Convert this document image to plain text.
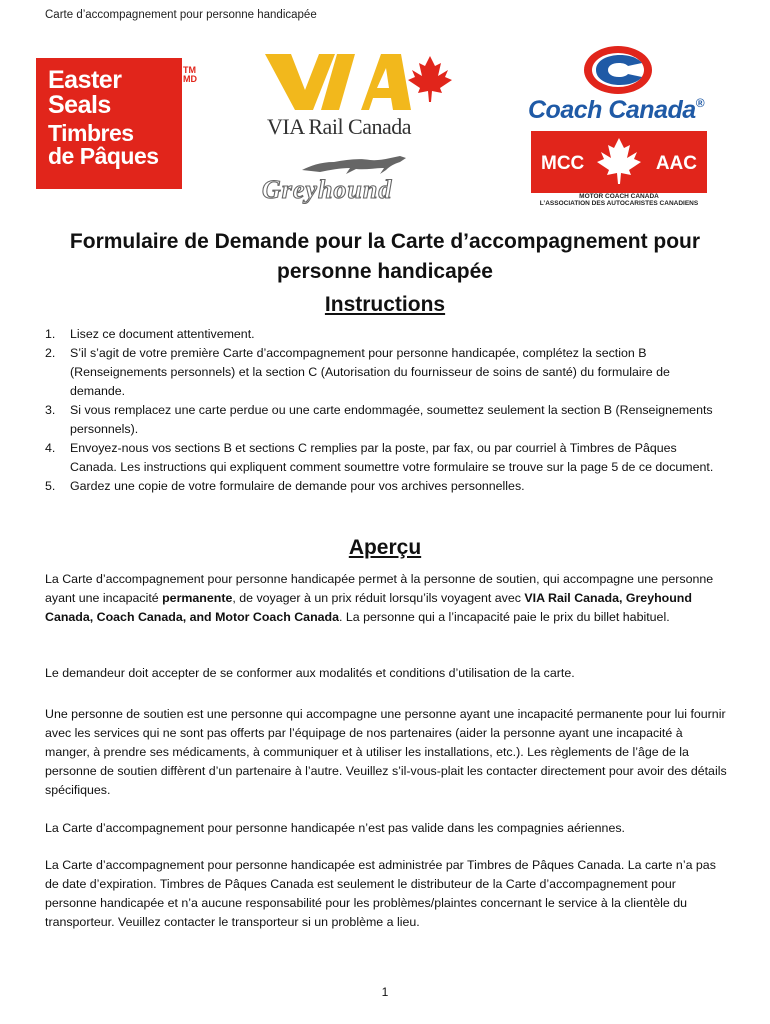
Carte d’accompagnement pour personne handicapée
Easter
Seals
Timbres
de Pâques
TM
MD
VIA Rail Canada
Greyhound
Coach Canada®
MCC	AAC
MOTOR COACH CANADA
L’ASSOCIATION DES AUTOCARISTES CANADIENS
Formulaire de Demande pour la Carte d’accompagnement pour
personne handicapée
Instructions
1. Lisez ce document attentivement.
2. S’il s’agit de votre première Carte d’accompagnement pour personne handicapée, complétez la section B (Renseignements personnels) et la section C (Autorisation du fournisseur de soins de santé) du formulaire de demande.
3. Si vous remplacez une carte perdue ou une carte endommagée, soumettez seulement la section B (Renseignements personnels).
4. Envoyez-nous vos sections B et sections C remplies par la poste, par fax, ou par courriel à Timbres de Pâques Canada. Les instructions qui expliquent comment soumettre votre formulaire se trouve sur la page 5 de ce document.
5. Gardez une copie de votre formulaire de demande pour vos archives personnelles.
Aperçu
La Carte d’accompagnement pour personne handicapée permet à la personne de soutien, qui accompagne une personne ayant une incapacité permanente, de voyager à un prix réduit lorsqu’ils voyagent avec VIA Rail Canada, Greyhound Canada, Coach Canada, and Motor Coach Canada. La personne qui a l’incapacité paie le prix du billet habituel.
Le demandeur doit accepter de se conformer aux modalités et conditions d’utilisation de la carte.
Une personne de soutien est une personne qui accompagne une personne ayant une incapacité permanente pour lui fournir avec les services qui ne sont pas offerts par l’équipage de nos partenaires (aider la personne ayant une incapacité à manger, à prendre ses médicaments, à communiquer et à utiliser les installations, etc.). Les règlements de l’âge de la personne de soutien diffèrent d’un partenaire à l’autre. Veuillez s’il-vous-plait les contacter directement pour avoir des détails spécifiques.
La Carte d’accompagnement pour personne handicapée n’est pas valide dans les compagnies aériennes.
La Carte d’accompagnement pour personne handicapée est administrée par Timbres de Pâques Canada. La carte n’a pas de date d’expiration. Timbres de Pâques Canada est seulement le distributeur de la Carte d’accompagnement pour personne handicapée et n’a aucune responsabilité pour les problèmes/plaintes concernant le service à la clientèle du transporteur. Veuillez contacter le transporteur si un problème a lieu.
1
